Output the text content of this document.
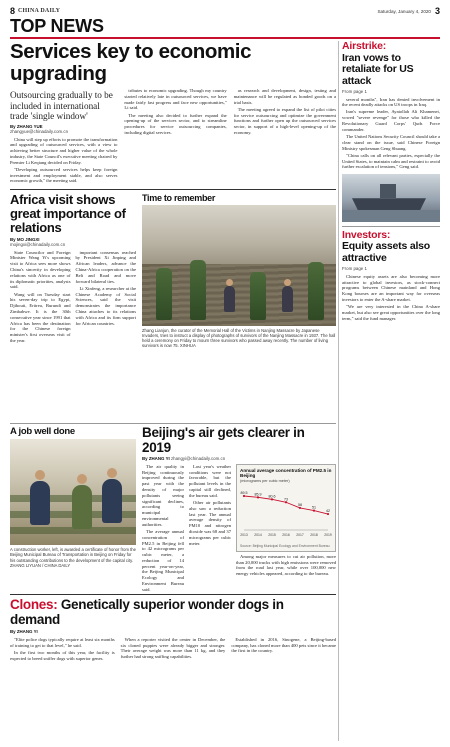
8 CHINA DAILY	Saturday, January 4, 2020 3
TOP NEWS
Services key to economic upgrading
Outsourcing gradually to be included in international trade 'single window'
By ZHANG YUE
zhangyue@chinadaily.com.cn

China will step up efforts to promote the transformation and upgrading of outsourced services, with a view to achieving better structure and higher value of the whole industry, the State Council's executive meeting chaired by Premier Li Keqiang decided on Friday.

"Developing outsourced services helps keep foreign investment and employment stable, and also serves economic growth," the meeting said.

tributes to economic upgrading. Though my country started relatively late in outsourced services, we have made fairly fast progress and face new opportunities," Li said.

The meeting also decided to further expand the opening-up of the services sector, and to streamline procedures for service outsourcing companies, including digital services.

as research and development, design, testing and maintenance will be regulated as bonded goods on a trial basis.

The meeting agreed to expand the list of pilot cities for service outsourcing and optimize the government functions and further open up the outsourced services sector, in support of a high-level opening-up of the economy.

Africa visit shows great importance of relations
By MO JINGXI
mojingxi@chinadaily.com.cn

State Councilor and Foreign Minister Wang Yi's upcoming visit to Africa sees more shows China's sincerity in developing relations with Africa as one of its diplomatic priorities, analysts said.

Wang will on Tuesday start his seven-day trip to Egypt, Djibouti, Eritrea, Burundi and Zimbabwe. It is the 30th consecutive year since 1991 that Africa has been the destination for the Chinese foreign minister's first overseas visit of the year.

important consensus reached by President Xi Jinping and African leaders, advance the China-Africa cooperation on the Belt and Road and move forward bilateral ties.

Li Xinfeng, a researcher at the Chinese Academy of Social Sciences, said the visit demonstrates the importance China attaches to its relations with Africa and its firm support for African countries.

Time to remember
Zhang Lianjun, the curator of the Memorial Hall of the Victims in Nanjing Massacre by Japanese Invaders, tries to instruct a display of photographs of survivors of the Nanjing Massacre in 1937. The hall held a ceremony on Friday to mourn three survivors who passed away recently. The number of living survivors is now 75. XINHUA
A job well done
A construction worker, left, is awarded a certificate of honor from the Beijing Municipal Bureau of Transportation in Beijing on Friday for his outstanding contributions to the development of the capital city. ZHANG LIYUAN / CHINA DAILY
Beijing's air gets clearer in 2019
By ZHANG YI zhangyi@chinadaily.com.cn

The air quality in Beijing continuously improved during the past year with the density of major pollutants seeing significant declines, according to municipal environmental authorities.

The average annual concentration of PM2.5 in Beijing fell to 42 micrograms per cubic meter, a reduction of 14 percent year-on-year, the Beijing Municipal Ecology and Environment Bureau said.

Last year's weather conditions were not favorable, but the pollutant levels in the capital still declined, the bureau said.

Other air pollutants also saw a reduction last year. The annual average density of PM10 and nitrogen dioxide was 68 and 37 micrograms per cubic meter.

Annual average concentration of PM2.5 in Beijing
(micrograms per cubic meter)
89.5
2013
85.9
2014
80.6
2015
73
2016
58
2017
51
2018
42
2019
Source: Beijing Municipal Ecology and Environment Bureau

Among major measures to cut air pollution, more than 20,000 trucks with high emissions were removed from the road last year, while over 100,000 new energy vehicles appeared, according to the bureau.

Clones: Genetically superior wonder dogs in demand
By ZHANG YI

"Elite police dogs typically require at least six months of training to get to that level," he said.

In the first two months of this year, the facility is expected to breed sniffer dogs with superior genes.

When a reporter visited the center in December, the six cloned puppies were already bigger and stronger. Their average weight was more than 11 kg, and they further had strong sniffing capabilities.

Established in 2016, Sinogene, a Beijing-based company, has cloned more than 400 pets since it became the first in the country.

Airstrike:
Iran vows to retaliate for US attack
From page 1

several months", Iran has denied involvement in the recent deadly attacks on US troops in Iraq.

Iran's supreme leader, Ayatollah Ali Khamenei, vowed "severe revenge" for those who killed the Revolutionary Guard Corps' Quds Force commander.

The United Nations Security Council should take a clear stand on the issue, said Chinese Foreign Ministry spokesman Geng Shuang.

"China calls on all relevant parties, especially the United States, to maintain calm and restraint to avoid further escalation of tensions," Geng said.

Investors:
Equity assets also attractive
From page 1

Chinese equity assets are also becoming more attractive to global investors, as stock-connect programs between Chinese mainland and Hong Kong bourses are an important way for overseas investors to enter the A-share market.

"We are very interested in the China A-share market, but also see great opportunities over the long term," said the fund manager.
